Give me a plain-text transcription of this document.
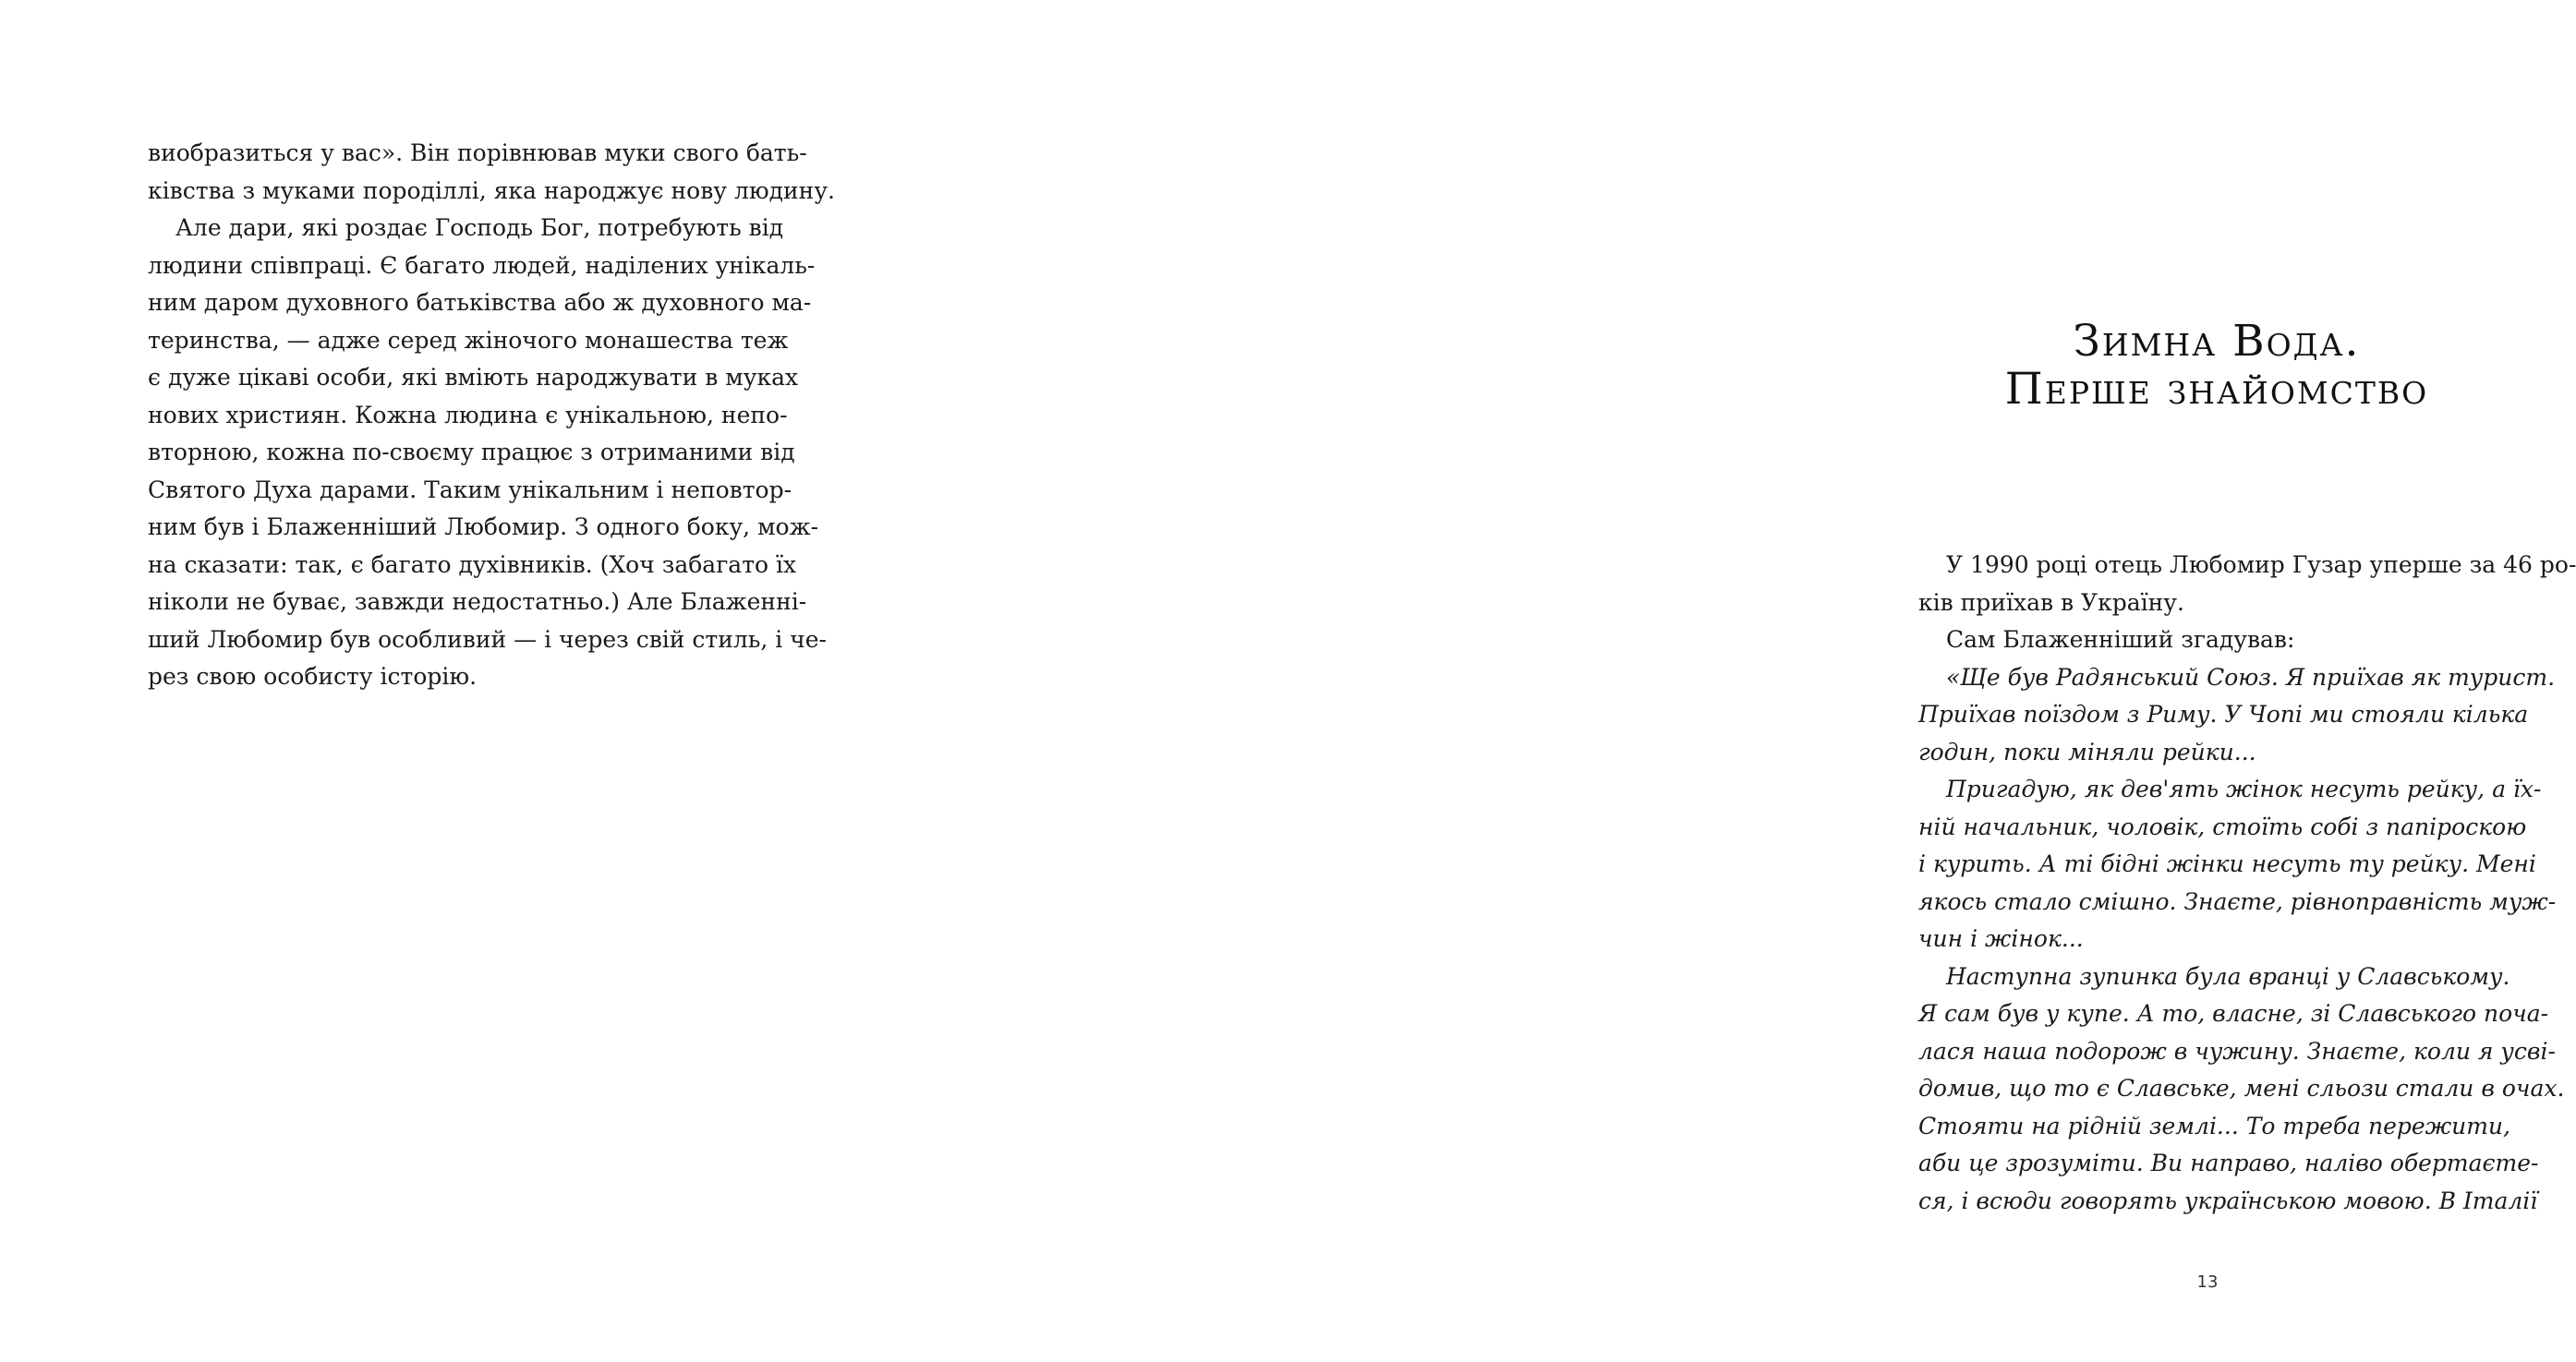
виобразиться у вас». Він порівнював муки свого бать-
ківства з муками породіллі, яка народжує нову людину.
Але дари, які роздає Господь Бог, потребують від
людини співпраці. Є багато людей, наділених унікаль-
ним даром духовного батьківства або ж духовного ма-
теринства, — адже серед жіночого монашества теж
є дуже цікаві особи, які вміють народжувати в муках
нових християн. Кожна людина є унікальною, непо-
вторною, кожна по-своєму працює з отриманими від
Святого Духа дарами. Таким унікальним і неповтор-
ним був і Блаженніший Любомир. З одного боку, мож-
на сказати: так, є багато духівників. (Хоч забагато їх
ніколи не буває, завжди недостатньо.) Але Блаженні-
ший Любомир був особливий — і через свій стиль, і че-
рез свою особисту історію.
Зимна Вода.
Перше знайомство
У 1990 році отець Любомир Гузар уперше за 46 ро-
ків приїхав в Україну.
Сам Блаженніший згадував:
«Ще був Радянський Союз. Я приїхав як турист.
Приїхав поїздом з Риму. У Чопі ми стояли кілька
годин, поки міняли рейки...
Пригадую, як дев'ять жінок несуть рейку, а їх-
ній начальник, чоловік, стоїть собі з папіроскою
і курить. А ті бідні жінки несуть ту рейку. Мені
якось стало смішно. Знаєте, рівноправність муж-
чин і жінок...
Наступна зупинка була вранці у Славському.
Я сам був у купе. А то, власне, зі Славського поча-
лася наша подорож в чужину. Знаєте, коли я усві-
домив, що то є Славське, мені сльози стали в очах.
Стояти на рідній землі... То треба пережити,
аби це зрозуміти. Ви направо, наліво обертаєте-
ся, і всюди говорять українською мовою. В Італії
13
